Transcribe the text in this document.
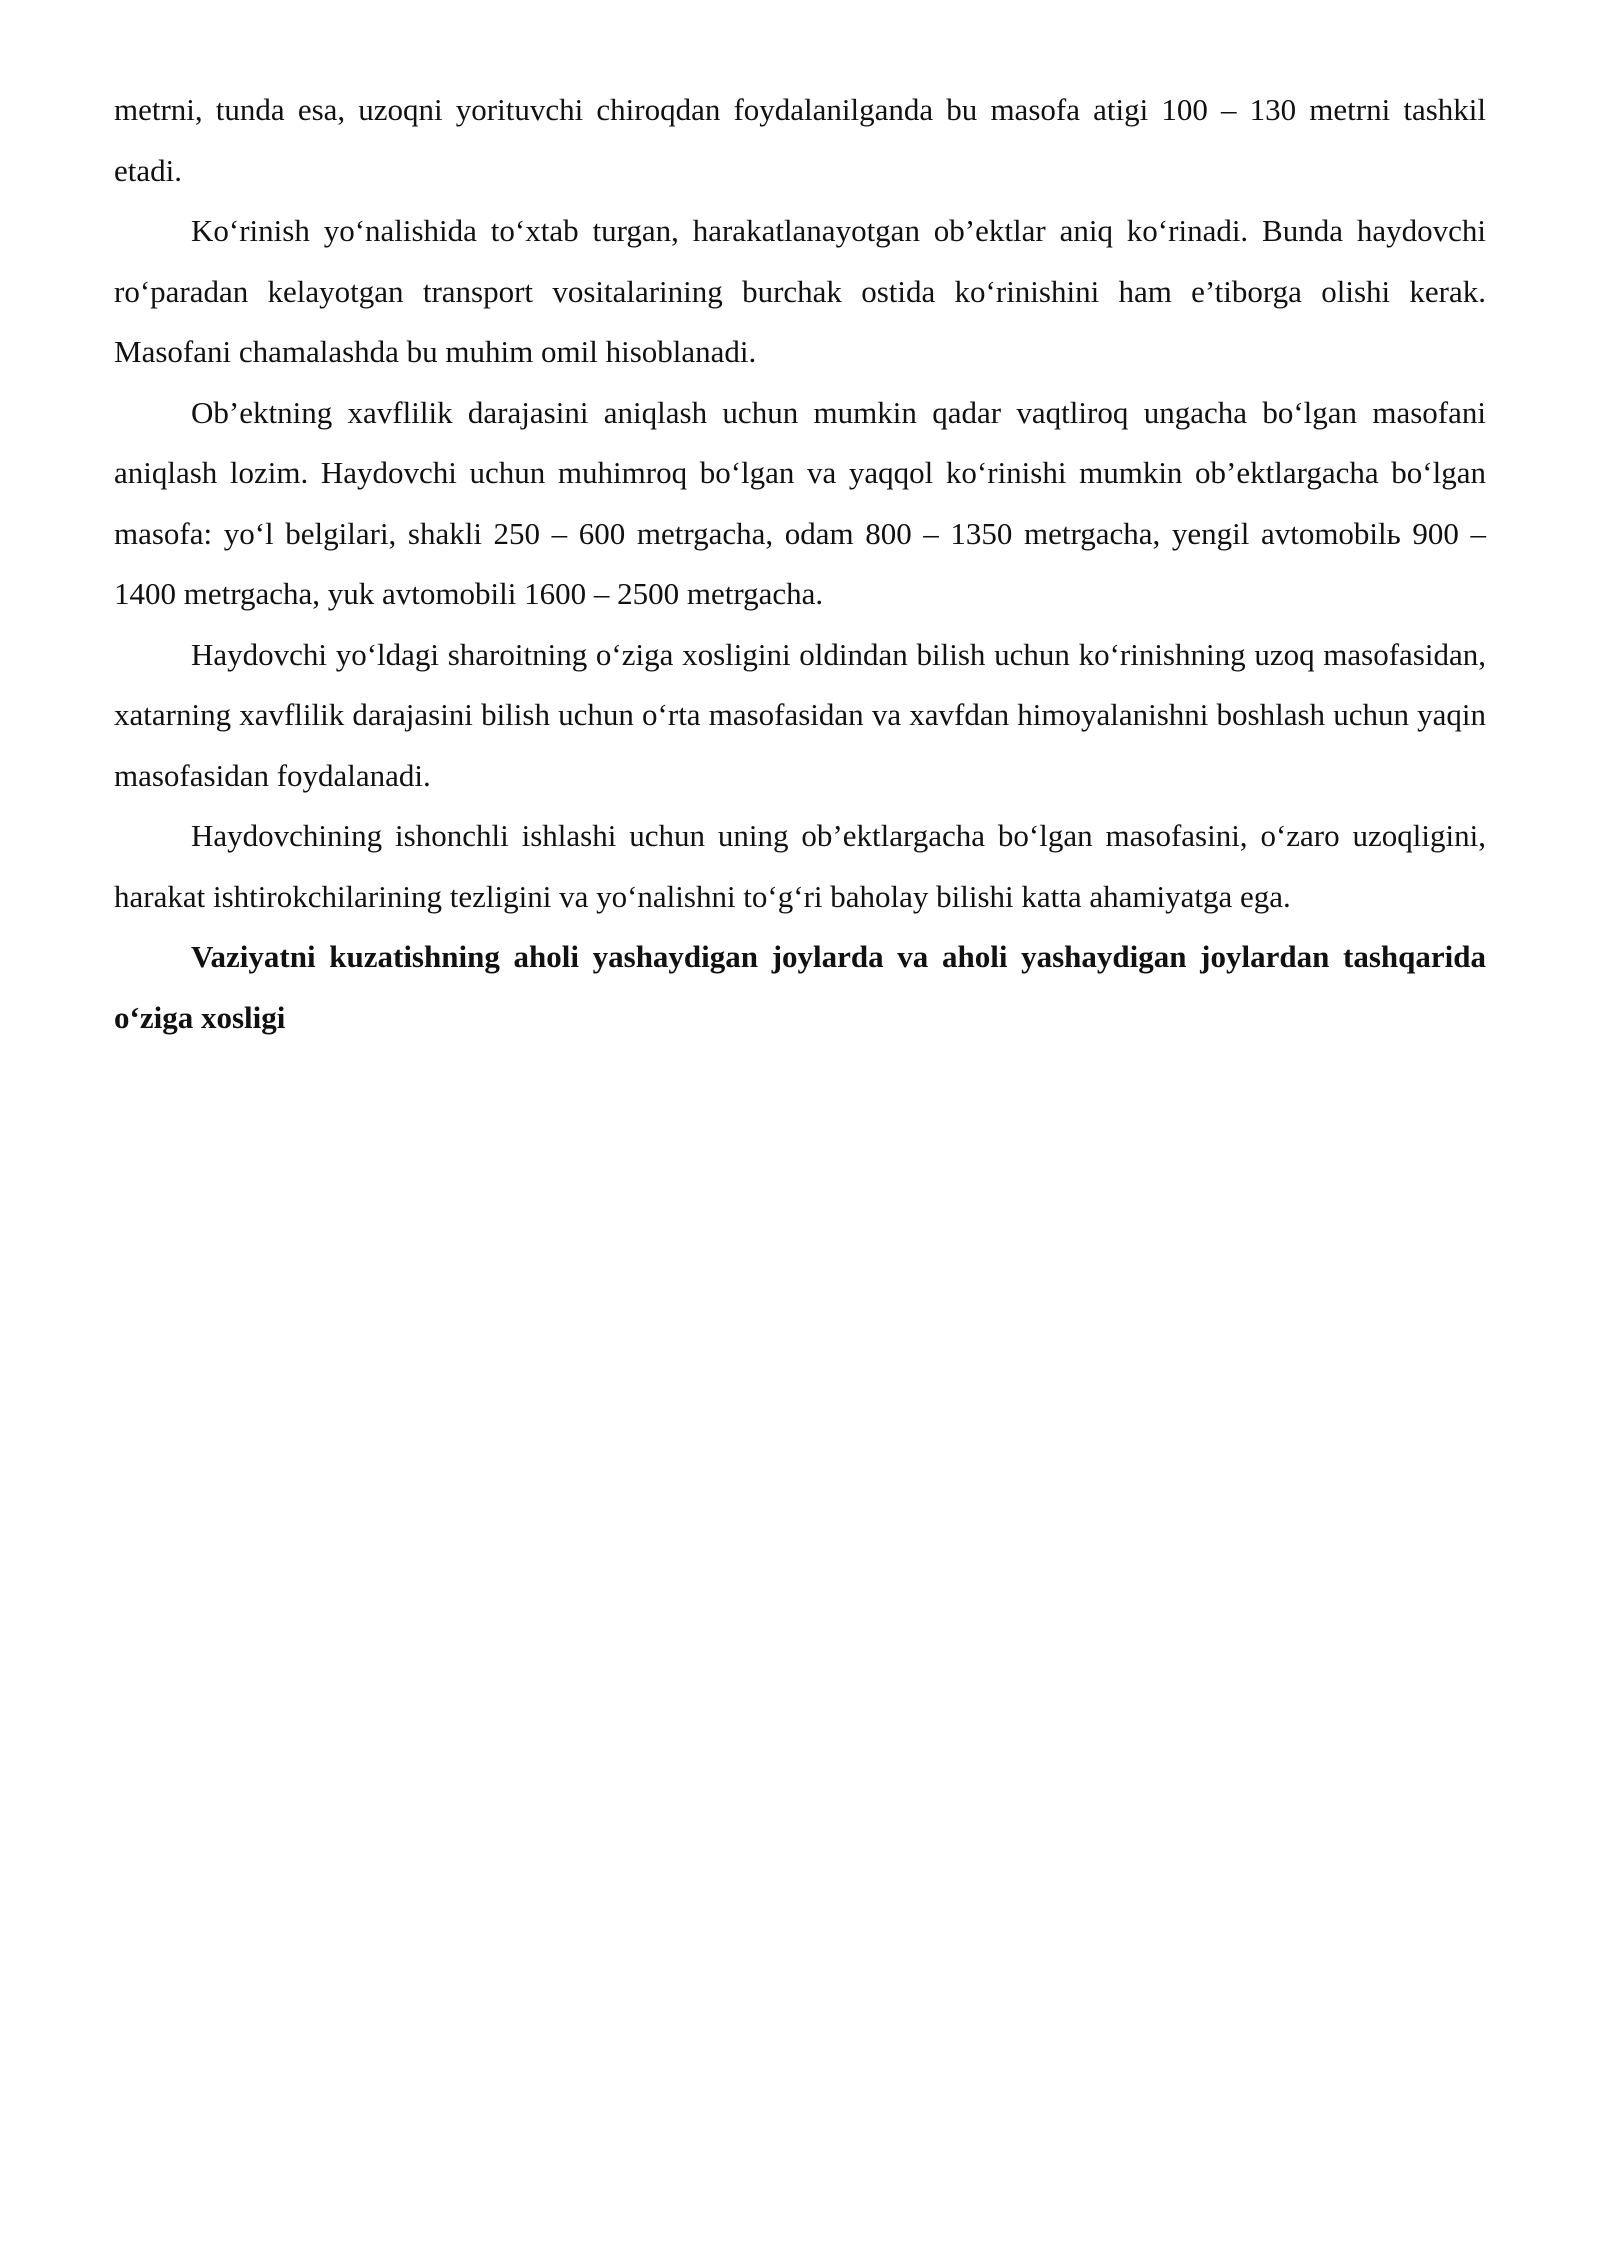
metrni, tunda esa, uzoqni yorituvchi chiroqdan foydalanilganda bu masofa atigi 100 – 130 metrni tashkil etadi.

Ko‘rinish yo‘nalishida to‘xtab turgan, harakatlanayotgan ob’ektlar aniq ko‘rinadi. Bunda haydovchi ro‘paradan kelayotgan transport vositalarining burchak ostida ko‘rinishini ham e’tiborga olishi kerak. Masofani chamalashda bu muhim omil hisoblanadi.

Ob’ektning xavflilik darajasini aniqlash uchun mumkin qadar vaqtliroq ungacha bo‘lgan masofani aniqlash lozim. Haydovchi uchun muhimroq bo‘lgan va yaqqol ko‘rinishi mumkin ob’ektlargacha bo‘lgan masofa: yo‘l belgilari, shakli 250 – 600 metrgacha, odam 800 – 1350 metrgacha, yengil avtomobilь 900 – 1400 metrgacha, yuk avtomobili 1600 – 2500 metrgacha.

Haydovchi yo‘ldagi sharoitning o‘ziga xosligini oldindan bilish uchun ko‘rinishning uzoq masofasidan, xatarning xavflilik darajasini bilish uchun o‘rta masofasidan va xavfdan himoyalanishni boshlash uchun yaqin masofasidan foydalanadi.

Haydovchining ishonchli ishlashi uchun uning ob’ektlargacha bo‘lgan masofasini, o‘zaro uzoqligini, harakat ishtirokchilarining tezligini va yo‘nalishni to‘g‘ri baholay bilishi katta ahamiyatga ega.

Vaziyatni kuzatishning aholi yashaydigan joylarda va aholi yashaydigan joylardan tashqarida o‘ziga xosligi
